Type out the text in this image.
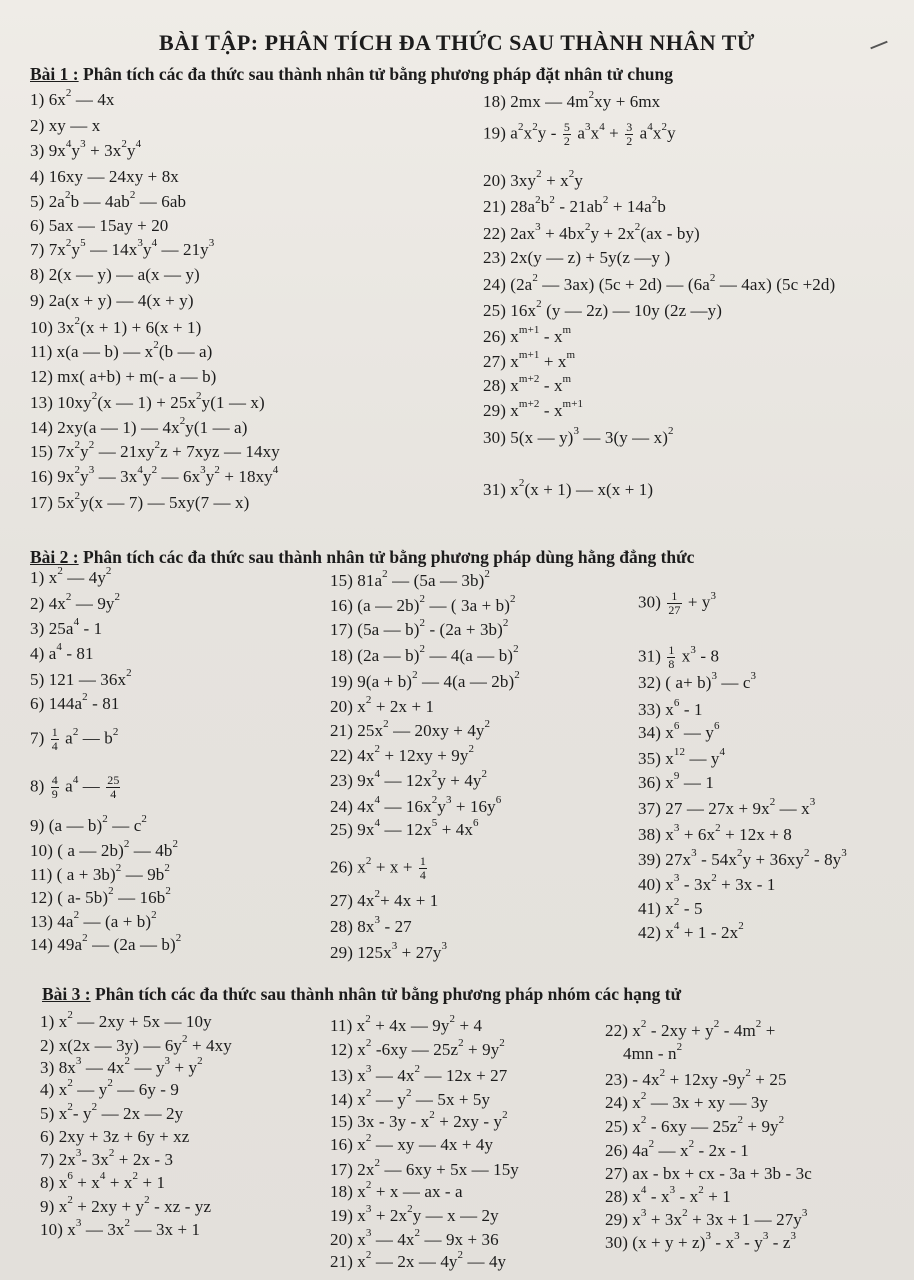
BÀI TẬP: PHÂN TÍCH ĐA THỨC SAU THÀNH NHÂN TỬ
Bài 1 : Phân tích các đa thức sau thành nhân tử bằng phương pháp đặt nhân tử chung
Bài 2 : Phân tích các đa thức sau thành nhân tử bằng phương pháp dùng hằng đẳng thức
Bài 3 : Phân tích các đa thức sau thành nhân tử bằng phương pháp nhóm các hạng tử
1) $6x^2$ — 4x
2) xy — x
3) $9x^4y^3 + 3x^2y^4$
4) 16xy — 24xy + 8x
5) $2a^2b$ — $4ab^2$ — 6ab
6) 5ax — 15ay + 20
7) $7x^2y^5$ — $14x^3y^4$ — $21y^3$
8) 2(x — y) — a(x — y)
9) 2a(x + y) — 4(x + y)
10) $3x^2(x + 1) + 6(x + 1)$
11) x(a — b) — $x^2(b$ — a)
12) mx( a+b) + m(- a — b)
13) $10xy^2(x$ — $1) + 25x^2y(1$ — x)
14) 2xy(a — 1) — $4x^2y(1$ — a)
15) $7x^2y^2$ — $21xy^2z + 7xyz$ — 14xy
16) $9x^2y^3$ — $3x^4y^2$ — $6x^3y^2 + 18xy^4$
17) $5x^2y(x$ — 7) — 5xy(7 — x)
18) 2mx — $4m^2xy + 6mx$
19) $a^2x^2y - \frac{5}{2} a^3x^4 + \frac{3}{2} a^4x^2y$
20) $3xy^2 + x^2y$
21) $28a^2b^2 - 21ab^2 + 14a^2b$
22) $2ax^3 + 4bx^2y + 2x^2(ax - by)$
23) 2x(y — z) + 5y(z —y )
24) ($2a^2$ — 3ax) (5c + 2d) — ($6a^2$ — 4ax) (5c +2d)
25) $16x^2$ (y — 2z) — 10y (2z —y)
26) $x^{m+1} - x^m$
27) $x^{m+1} + x^m$
28) $x^{m+2} - x^m$
29) $x^{m+2} - x^{m+1}$
30) 5(x — y)$^3$ — 3(y — x)$^2$
31) $x^2(x + 1)$ — x(x + 1)
1) $x^2$ — $4y^2$
2) $4x^2$ — $9y^2$
3) $25a^4 - 1$
4) $a^4 - 81$
5) 121 — $36x^2$
6) $144a^2 - 81$
$7) \frac{1}{4} a^2$ — $b^2$
$8) \frac{4}{9} a^4$ — $\frac{25}{4}$
9) (a — b)$^2$ — $c^2$
10) ( a — 2b)$^2$ — $4b^2$
11) ( a + 3b)$^2$ — $9b^2$
12) ( a- 5b)$^2$ — $16b^2$
13) $4a^2$ — $(a + b)^2$
14) $49a^2$ — (2a — b)$^2$
15) $81a^2$ — (5a — 3b)$^2$
16) (a — 2b)$^2$ — ( 3a + b)$^2$
17) (5a — $b)^2 - (2a + 3b)^2$
18) (2a — b)$^2$ — 4(a — b)$^2$
19) $9(a + b)^2$ — 4(a — 2b)$^2$
20) $x^2 + 2x + 1$
21) $25x^2$ — $20xy + 4y^2$
22) $4x^2 + 12xy + 9y^2$
23) $9x^4$ — $12x^2y + 4y^2$
24) $4x^4$ — $16x^2y^3 + 16y^6$
25) $9x^4$ — $12x^5 + 4x^6$
26) $x^2 + x + \frac{1}{4}$
27) $4x^2+ 4x + 1$
28) $8x^3 - 27$
29) $125x^3 + 27y^3$
$30) \frac{1}{27} + y^3$
$31) \frac{1}{8} x^3 - 8$
32) ( a+ b)$^3$ — $c^3$
33) $x^6 - 1$
34) $x^6$ — $y^6$
35) $x^{12}$ — $y^4$
36) $x^9$ — 1
37) 27 — $27x + 9x^2$ — $x^3$
38) $x^3 + 6x^2 + 12x + 8$
39) $27x^3 - 54x^2y + 36xy^2 - 8y^3$
40) $x^3 - 3x^2 + 3x - 1$
41) $x^2 - 5$
42) $x^4 + 1 - 2x^2$
1) $x^2$ — 2xy + 5x — 10y
2) x(2x — 3y) — $6y^2 + 4xy$
3) $8x^3$ — $4x^2$ — $y^3 + y^2$
4) $x^2$ — $y^2$ — 6y - 9
5) $x^2-$ $y^2$ — 2x — 2y
6) 2xy + 3z + 6y + xz
7) $2x^3-$ $3x^2 + 2x - 3$
8) $x^6 + x^4 + x^2 + 1$
9) $x^2 + 2xy + y^2$ - xz - yz
10) $x^3$ — $3x^2$ — 3x + 1
11) $x^2 + 4x$ — $9y^2 + 4$
12) $x^2$ -6xy — $25z^2 + 9y^2$
13) $x^3$ — $4x^2$ — 12x + 27
14) $x^2$ — $y^2$ — 5x + 5y
15) $3x - 3y - x^2 + 2xy - y^2$
16) $x^2$ — xy — 4x + 4y
17) $2x^2$ — 6xy + 5x — 15y
18) $x^2 + x$ — ax - a
19) $x^3 + 2x^2y$ — x — 2y
20) $x^3$ — $4x^2$ — 9x + 36
21) $x^2$ — 2x — $4y^2$ — 4y
22) $x^2 - 2xy + y^2 - 4m^2$ +
$4mn - n^2$
$23) - 4x^2 + 12xy$ $-9y^2 + 25$
24) $x^2$ — 3x + xy — 3y
25) $x^2 - 6xy$ — $25z^2 + 9y^2$
26) $4a^2$ — $x^2 - 2x - 1$
27) ax - bx + cx - 3a + 3b - 3c
28) $x^4 - x^3 - x^2 + 1$
29) $x^3 + 3x^2 + 3x + 1$ — $27y^3$
30) $(x + y + z)^3 - x^3 - y^3 - z^3$
